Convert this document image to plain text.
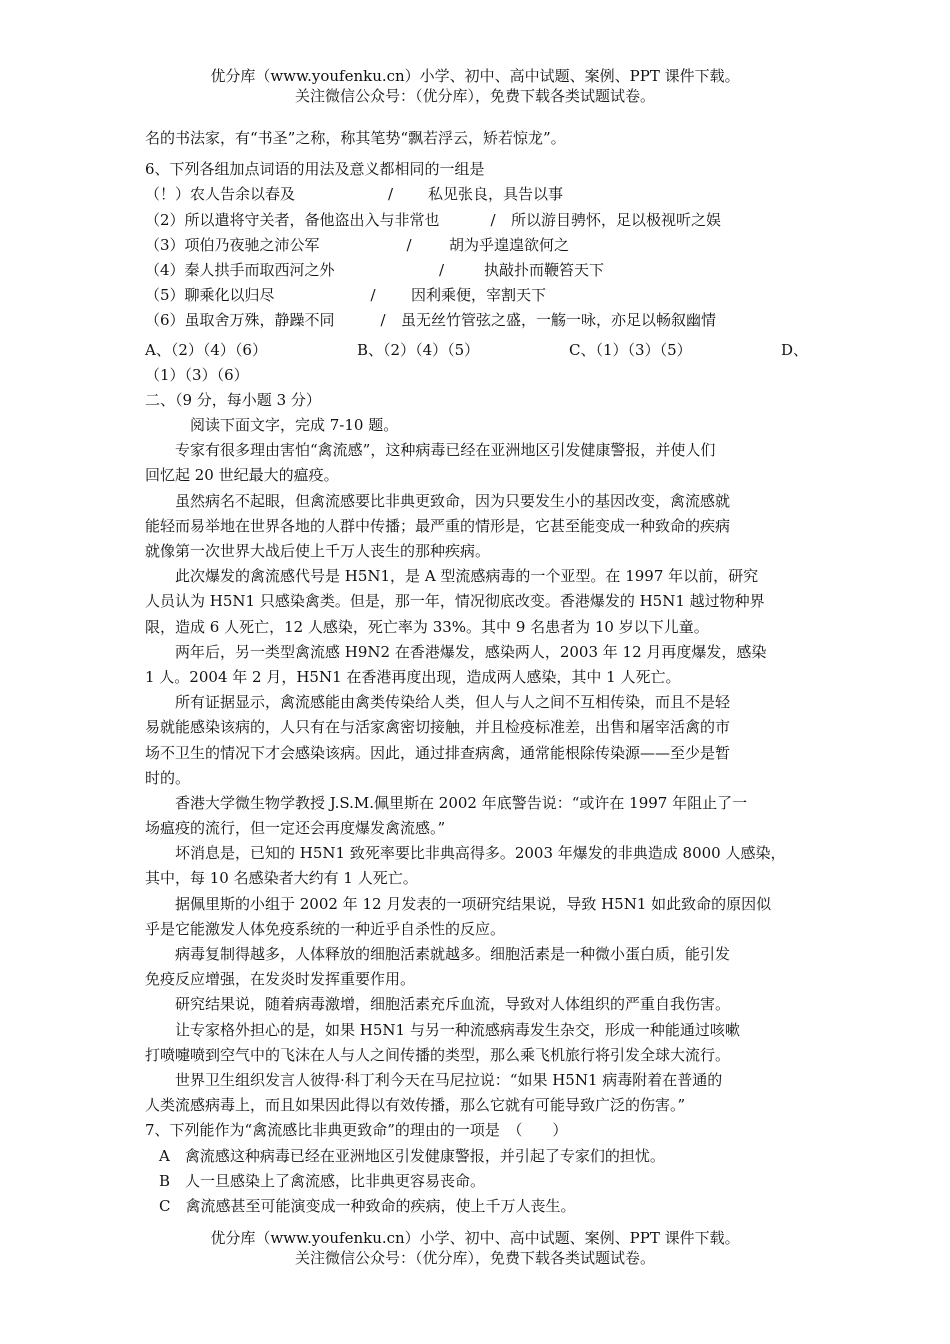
优分库（www.youfenku.cn）小学、初中、高中试题、案例、PPT 课件下载。
关注微信公众号：（优分库），免费下载各类试题试卷。
名的书法家，有“书圣”之称，称其笔势“飘若浮云，矫若惊龙”。
6、下列各组加点词语的用法及意义都相同的一组是
（！）农人告余以春及	/ 私见张良，具告以事
（2）所以遣将守关者，备他盗出入与非常也	/ 所以游目骋怀，足以极视听之娱
（3）项伯乃夜驰之沛公军	/ 胡为乎遑遑欲何之
（4）秦人拱手而取西河之外	/	执敲扑而鞭笞天下
（5）聊乘化以归尽	/ 因利乘便，宰割天下
（6）虽取舍万殊，静躁不同	/ 虽无丝竹管弦之盛，一觞一咏，亦足以畅叙幽情
A、（2）（4）（6）	B、（2）（4）（5）	C、（1）（3）（5）	D、
（1）（3）（6）
二、（9 分，每小题 3 分）
阅读下面文字，完成 7-10 题。
专家有很多理由害怕“禽流感”，这种病毒已经在亚洲地区引发健康警报，并使人们
回忆起 20 世纪最大的瘟疫。
虽然病名不起眼，但禽流感要比非典更致命，因为只要发生小的基因改变，禽流感就
能轻而易举地在世界各地的人群中传播；最严重的情形是，它甚至能变成一种致命的疾病
就像第一次世界大战后使上千万人丧生的那种疾病。
此次爆发的禽流感代号是 H5N1，是 A 型流感病毒的一个亚型。在 1997 年以前，研究
人员认为 H5N1 只感染禽类。但是，那一年，情况彻底改变。香港爆发的 H5N1 越过物种界
限，造成 6 人死亡，12 人感染，死亡率为 33%。其中 9 名患者为 10 岁以下儿童。
两年后，另一类型禽流感 H9N2 在香港爆发，感染两人，2003 年 12 月再度爆发，感染
1 人。2004 年 2 月，H5N1 在香港再度出现，造成两人感染，其中 1 人死亡。
所有证据显示，禽流感能由禽类传染给人类，但人与人之间不互相传染，而且不是轻
易就能感染该病的，人只有在与活家禽密切接触，并且检疫标准差，出售和屠宰活禽的市
场不卫生的情况下才会感染该病。因此，通过排查病禽，通常能根除传染源——至少是暂
时的。
香港大学微生物学教授 J.S.M.佩里斯在 2002 年底警告说：“或许在 1997 年阻止了一
场瘟疫的流行，但一定还会再度爆发禽流感。”
坏消息是，已知的 H5N1 致死率要比非典高得多。2003 年爆发的非典造成 8000 人感染，
其中，每 10 名感染者大约有 1 人死亡。
据佩里斯的小组于 2002 年 12 月发表的一项研究结果说，导致 H5N1 如此致命的原因似
乎是它能激发人体免疫系统的一种近乎自杀性的反应。
病毒复制得越多，人体释放的细胞活素就越多。细胞活素是一种微小蛋白质，能引发
免疫反应增强，在发炎时发挥重要作用。
研究结果说，随着病毒激增，细胞活素充斥血流，导致对人体组织的严重自我伤害。
让专家格外担心的是，如果 H5N1 与另一种流感病毒发生杂交，形成一种能通过咳嗽
打喷嚏喷到空气中的飞沫在人与人之间传播的类型，那么乘飞机旅行将引发全球大流行。
世界卫生组织发言人彼得·科丁利今天在马尼拉说：“如果 H5N1 病毒附着在普通的
人类流感病毒上，而且如果因此得以有效传播，那么它就有可能导致广泛的伤害。”
7、下列能作为“禽流感比非典更致命”的理由的一项是　（　　）
A　禽流感这种病毒已经在亚洲地区引发健康警报，并引起了专家们的担忧。
B　人一旦感染上了禽流感，比非典更容易丧命。
C　禽流感甚至可能演变成一种致命的疾病，使上千万人丧生。
优分库（www.youfenku.cn）小学、初中、高中试题、案例、PPT 课件下载。
关注微信公众号：（优分库），免费下载各类试题试卷。
